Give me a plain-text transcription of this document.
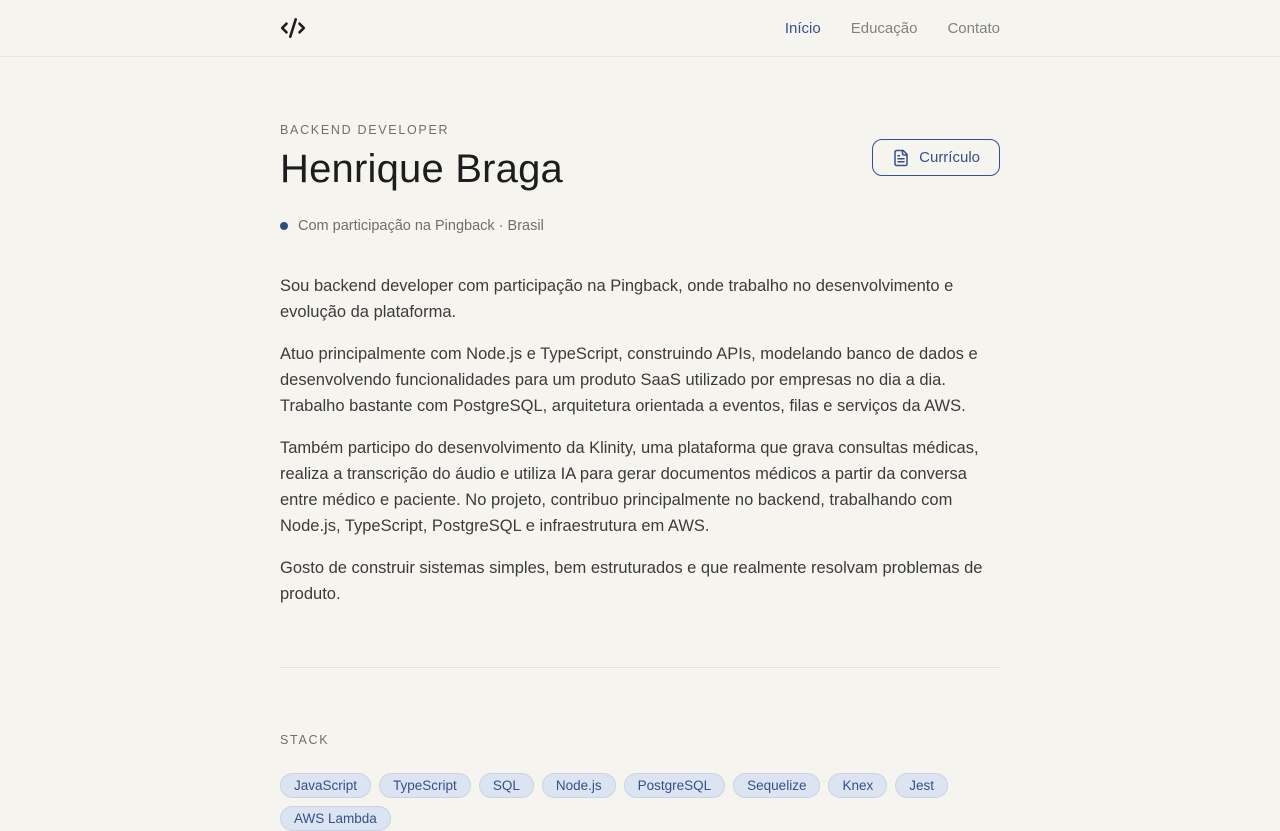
Início Educação Contato
BACKEND DEVELOPER
Henrique Braga
Com participação na Pingback · Brasil
Currículo

Sou backend developer com participação na Pingback, onde trabalho no desenvolvimento e evolução da plataforma.

Atuo principalmente com Node.js e TypeScript, construindo APIs, modelando banco de dados e desenvolvendo funcionalidades para um produto SaaS utilizado por empresas no dia a dia. Trabalho bastante com PostgreSQL, arquitetura orientada a eventos, filas e serviços da AWS.

Também participo do desenvolvimento da Klinity, uma plataforma que grava consultas médicas, realiza a transcrição do áudio e utiliza IA para gerar documentos médicos a partir da conversa entre médico e paciente. No projeto, contribuo principalmente no backend, trabalhando com Node.js, TypeScript, PostgreSQL e infraestrutura em AWS.

Gosto de construir sistemas simples, bem estruturados e que realmente resolvam problemas de produto.

STACK
JavaScript	TypeScript	SQL	Node.js	PostgreSQL	Sequelize	Knex	Jest
AWS Lambda
